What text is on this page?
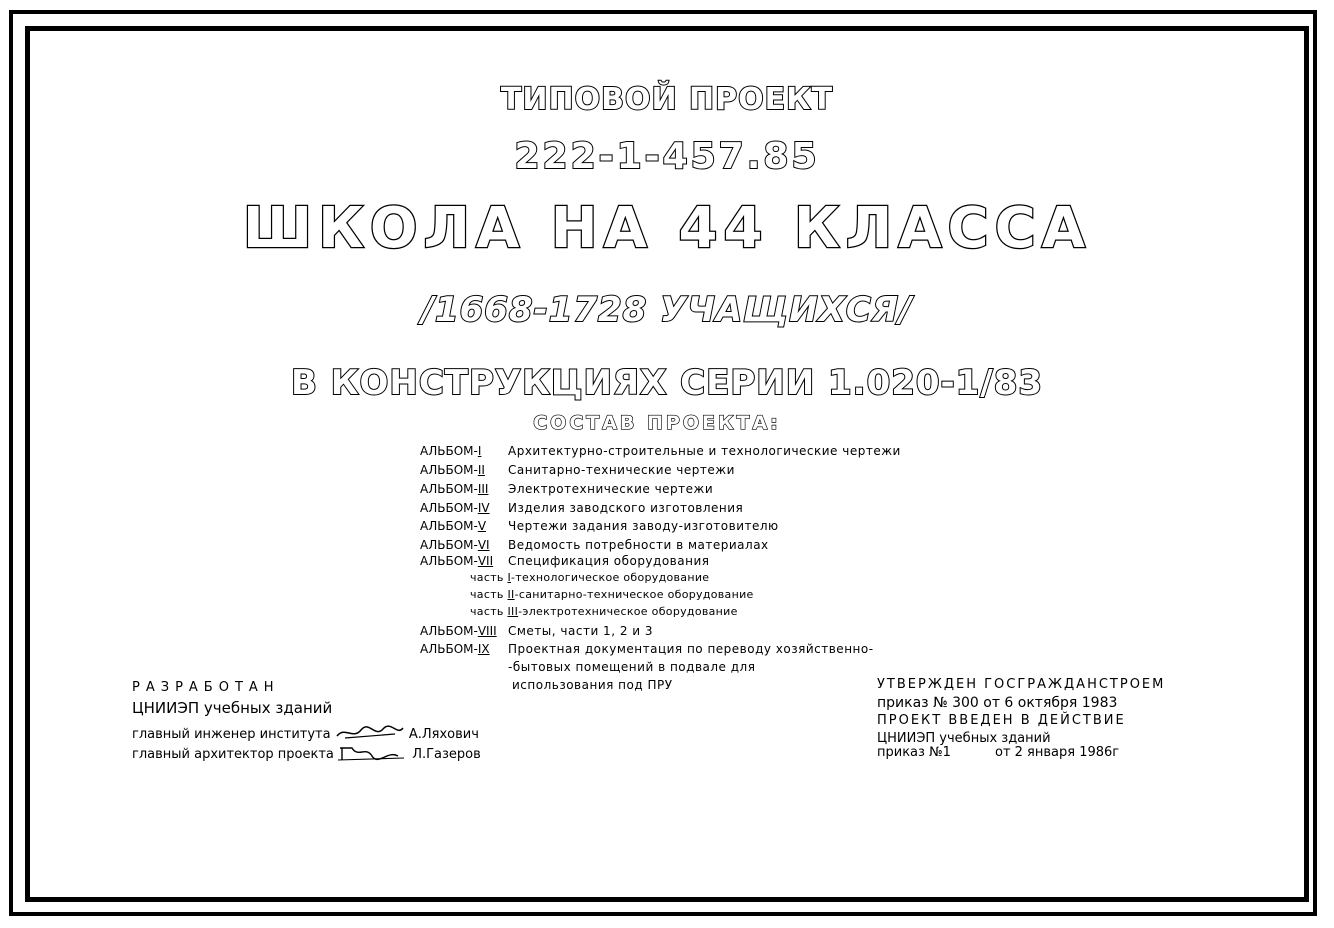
ТИПОВОЙ ПРОЕКТ
222-1-457.85
ШКОЛА НА 44 КЛАССА
/1668-1728 УЧАЩИХСЯ/
В КОНСТРУКЦИЯХ СЕРИИ 1.020-1/83
СОСТАВ ПРОЕКТА:
АЛЬБОМ-I	Архитектурно-строительные и технологические чертежи
АЛЬБОМ-II	Санитарно-технические чертежи
АЛЬБОМ-III	Электротехнические чертежи
АЛЬБОМ-IV	Изделия заводского изготовления
АЛЬБОМ-V	Чертежи задания заводу-изготовителю
АЛЬБОМ-VI	Ведомость потребности в материалах
АЛЬБОМ-VII	Спецификация оборудования
часть I-технологическое оборудование
часть II-санитарно-техническое оборудование
часть III-электротехническое оборудование
АЛЬБОМ-VIII Сметы, части 1, 2 и 3
АЛЬБОМ-IX	Проектная документация по переводу хозяйственно-
-бытовых помещений в подвале для
использования под ПРУ
РАЗРАБОТАН
ЦНИИЭП учебных зданий
главный инженер института	А.Ляхович
главный архитектор проекта	Л.Газеров
УТВЕРЖДЕН ГОСГРАЖДАНСТРОЕМ
приказ № 300 от 6 октября 1983
ПРОЕКТ ВВЕДЕН В ДЕЙСТВИЕ
ЦНИИЭП учебных зданий
приказ №1	от 2 января 1986г
